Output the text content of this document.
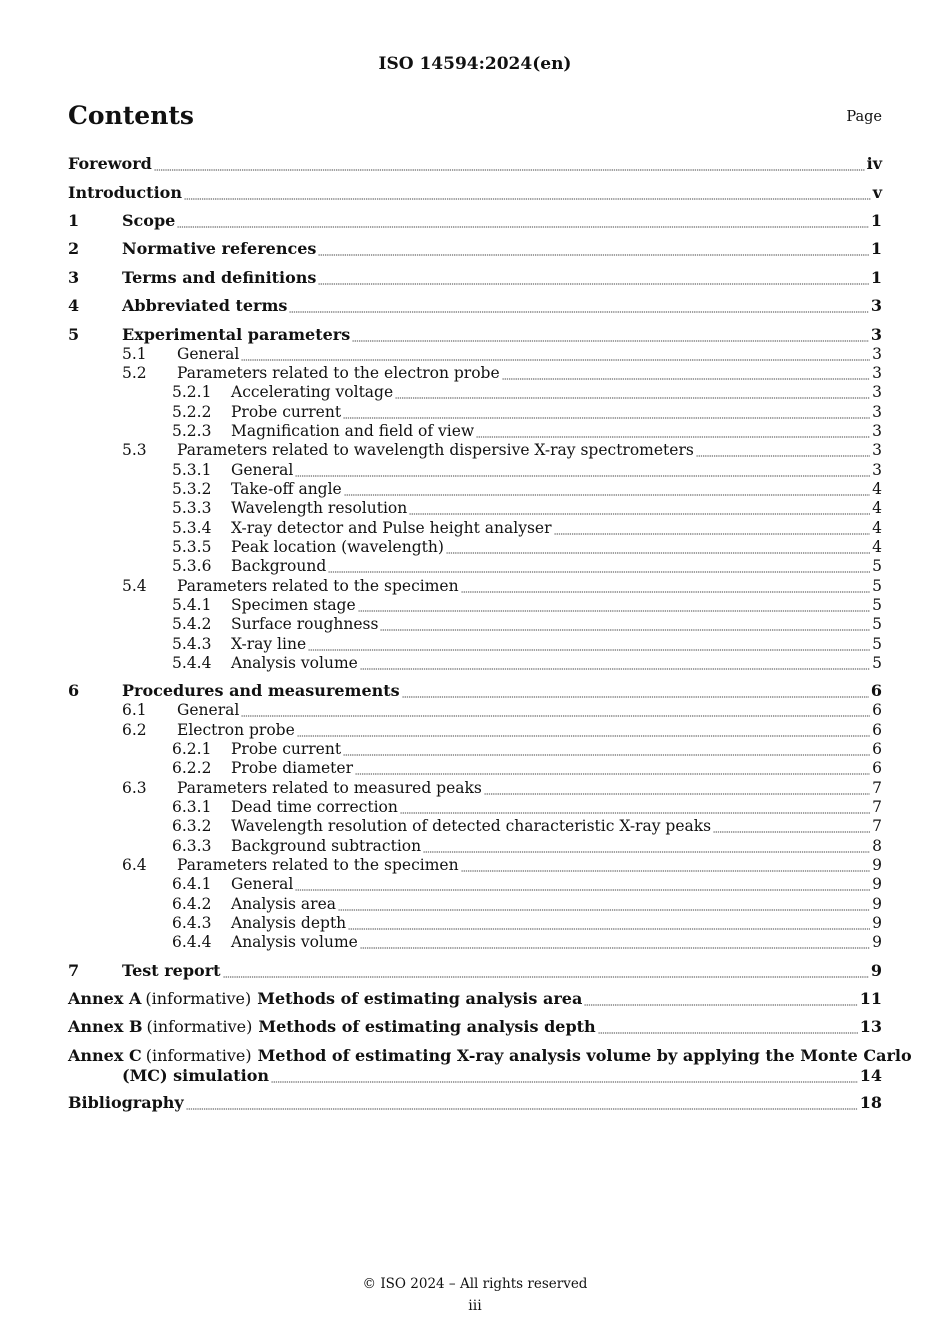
ISO 14594:2024(en)
Contents	Page
Foreword	iv
Introduction	v
1	Scope	1
2	Normative references	1
3	Terms and definitions	1
4	Abbreviated terms	3
5	Experimental parameters	3
5.1	General	3
5.2	Parameters related to the electron probe	3
5.2.1	Accelerating voltage	3
5.2.2	Probe current	3
5.2.3	Magnification and field of view	3
5.3	Parameters related to wavelength dispersive X-ray spectrometers	3
5.3.1	General	3
5.3.2	Take-off angle	4
5.3.3	Wavelength resolution	4
5.3.4	X-ray detector and Pulse height analyser	4
5.3.5	Peak location (wavelength)	4
5.3.6	Background	5
5.4	Parameters related to the specimen	5
5.4.1	Specimen stage	5
5.4.2	Surface roughness	5
5.4.3	X-ray line	5
5.4.4	Analysis volume	5
6	Procedures and measurements	6
6.1	General	6
6.2	Electron probe	6
6.2.1	Probe current	6
6.2.2	Probe diameter	6
6.3	Parameters related to measured peaks	7
6.3.1	Dead time correction	7
6.3.2	Wavelength resolution of detected characteristic X-ray peaks	7
6.3.3	Background subtraction	8
6.4	Parameters related to the specimen	9
6.4.1	General	9
6.4.2	Analysis area	9
6.4.3	Analysis depth	9
6.4.4	Analysis volume	9
7	Test report	9
Annex A (informative) Methods of estimating analysis area	11
Annex B (informative) Methods of estimating analysis depth	13
Annex C (informative) Method of estimating X-ray analysis volume by applying the Monte Carlo
(MC) simulation	14
Bibliography	18
© ISO 2024 – All rights reserved
iii
